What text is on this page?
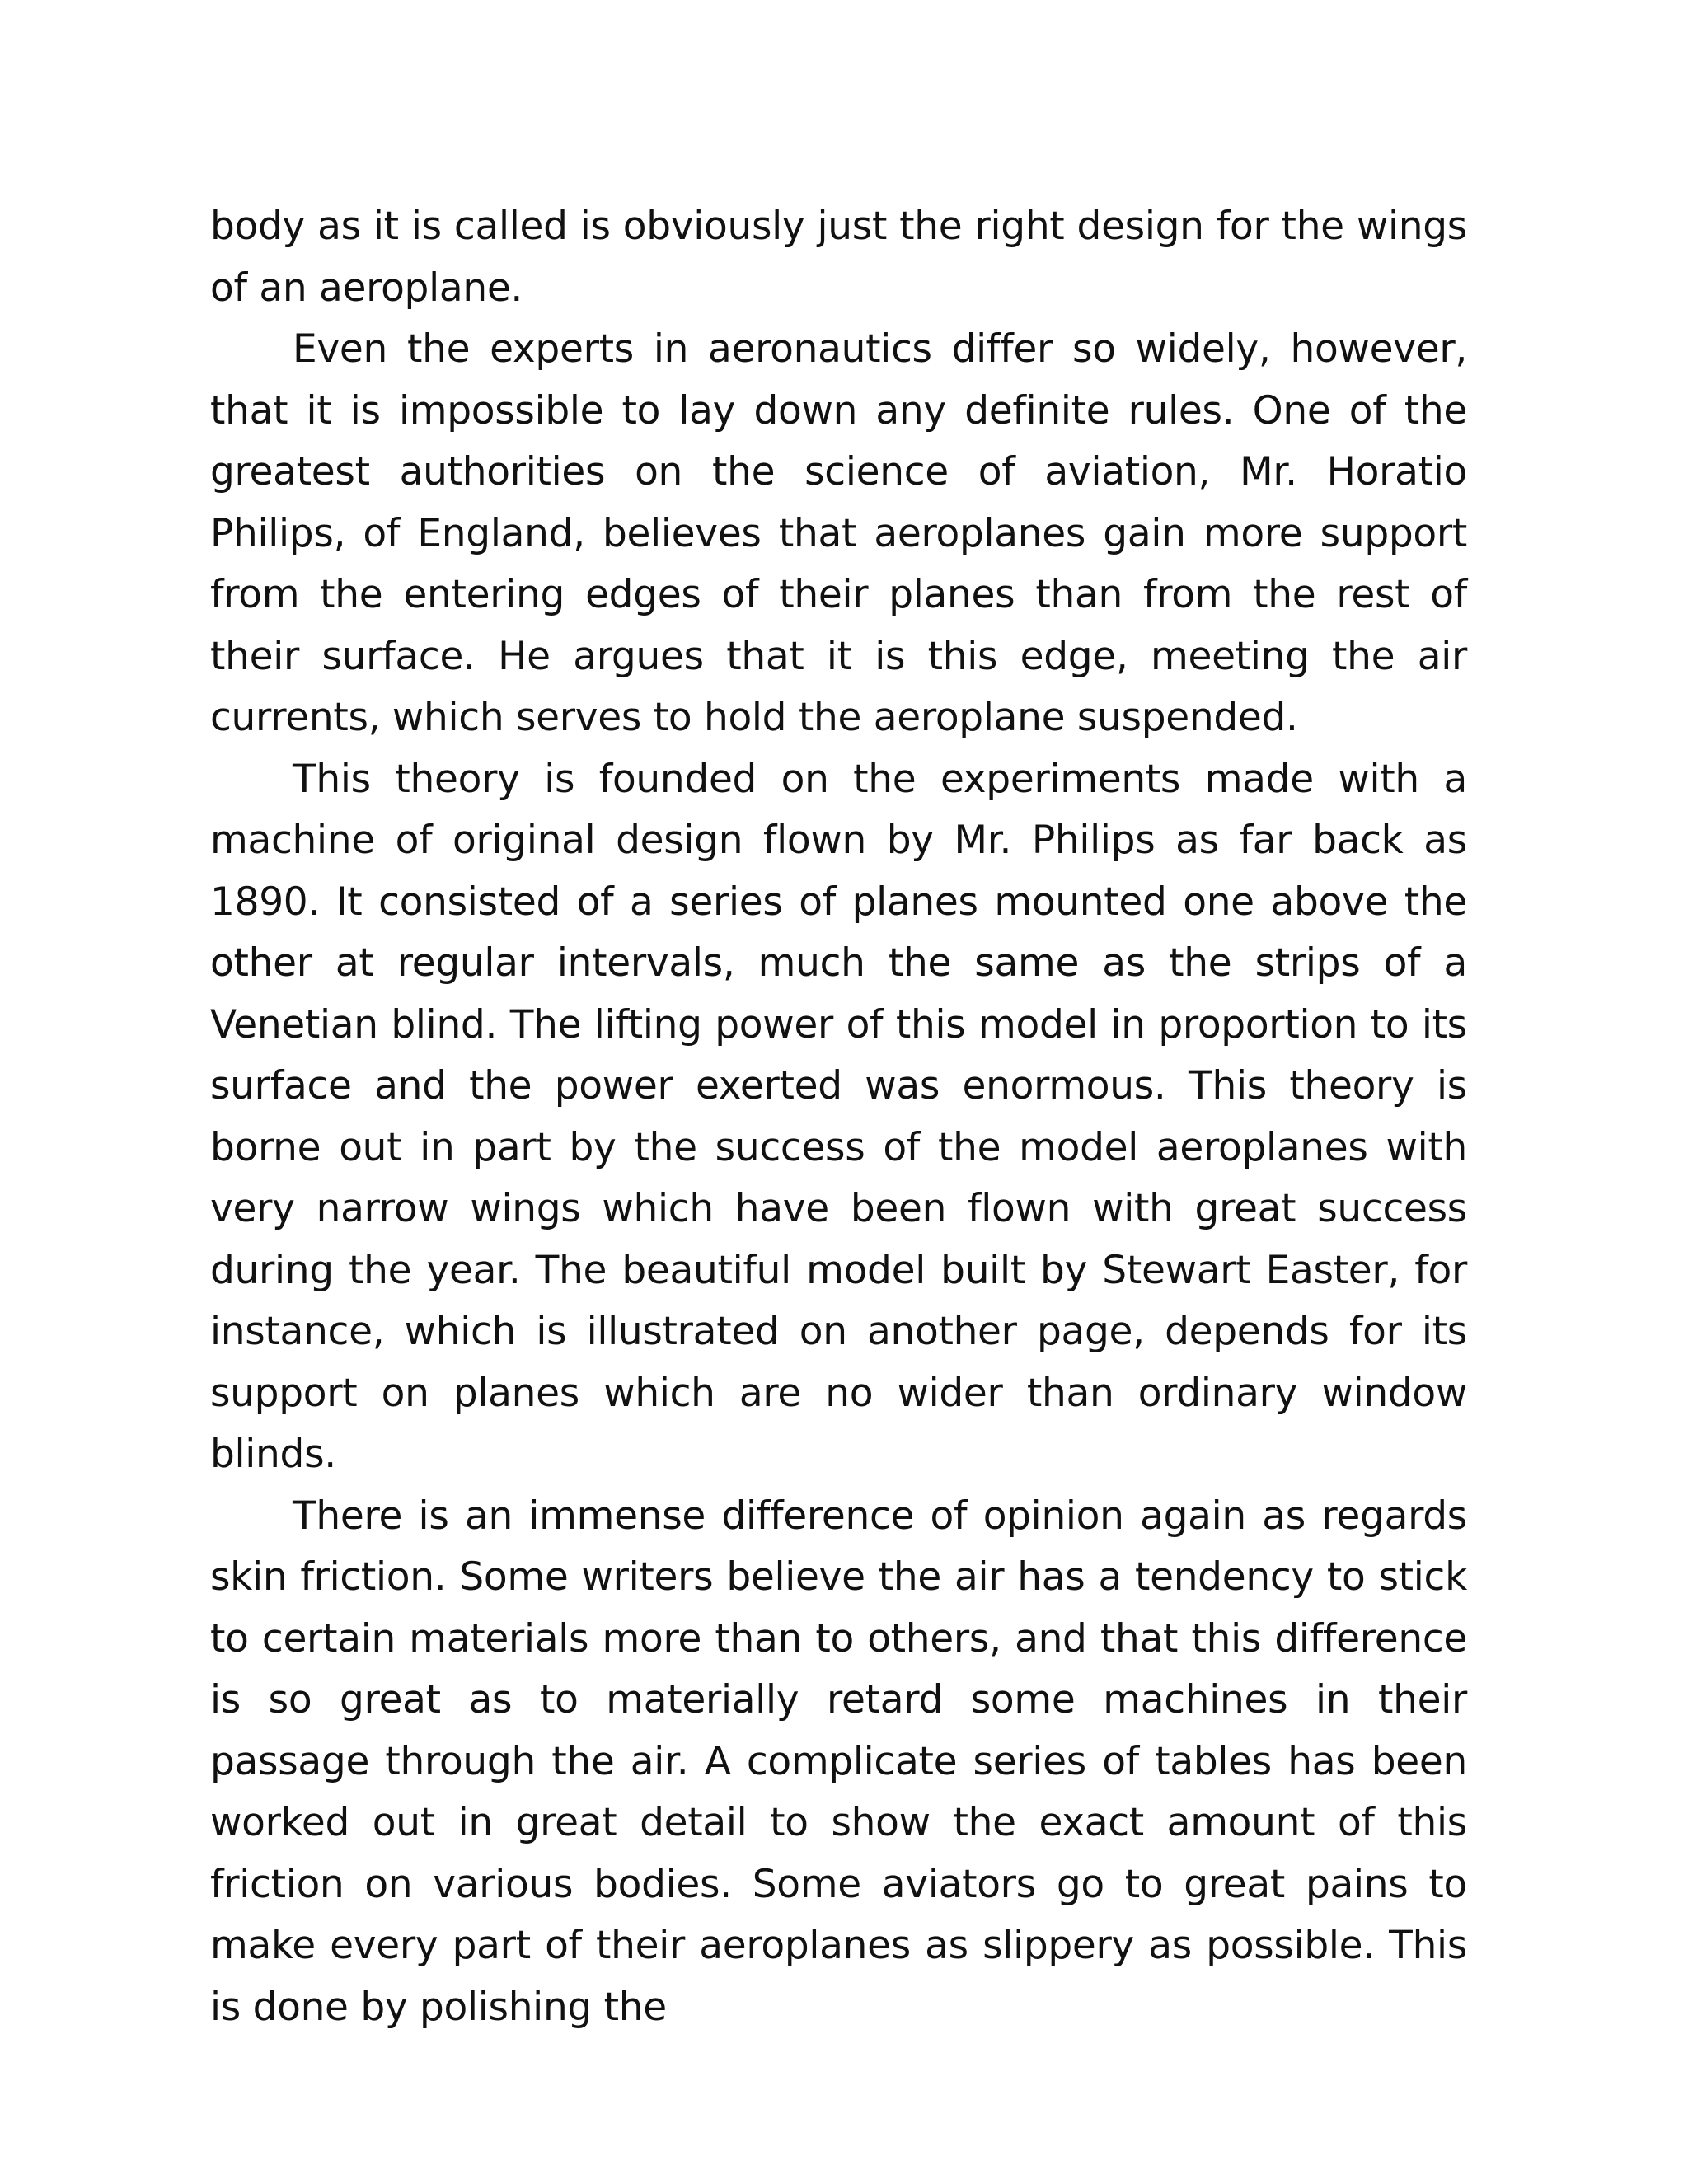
body as it is called is obviously just the right design for the wings of an aeroplane.

Even the experts in aeronautics differ so widely, however, that it is impossible to lay down any definite rules. One of the greatest authorities on the science of aviation, Mr. Horatio Philips, of England, believes that aeroplanes gain more support from the entering edges of their planes than from the rest of their surface. He argues that it is this edge, meeting the air currents, which serves to hold the aeroplane suspended.

This theory is founded on the experiments made with a machine of original design flown by Mr. Philips as far back as 1890. It consisted of a series of planes mounted one above the other at regular intervals, much the same as the strips of a Venetian blind. The lifting power of this model in proportion to its surface and the power exerted was enormous. This theory is borne out in part by the success of the model aeroplanes with very narrow wings which have been flown with great success during the year. The beautiful model built by Stewart Easter, for instance, which is illustrated on another page, depends for its support on planes which are no wider than ordinary window blinds.

There is an immense difference of opinion again as regards skin friction. Some writers believe the air has a tendency to stick to certain materials more than to others, and that this difference is so great as to materially retard some machines in their passage through the air. A complicate series of tables has been worked out in great detail to show the exact amount of this friction on various bodies. Some aviators go to great pains to make every part of their aeroplanes as slippery as possible. This is done by polishing the
